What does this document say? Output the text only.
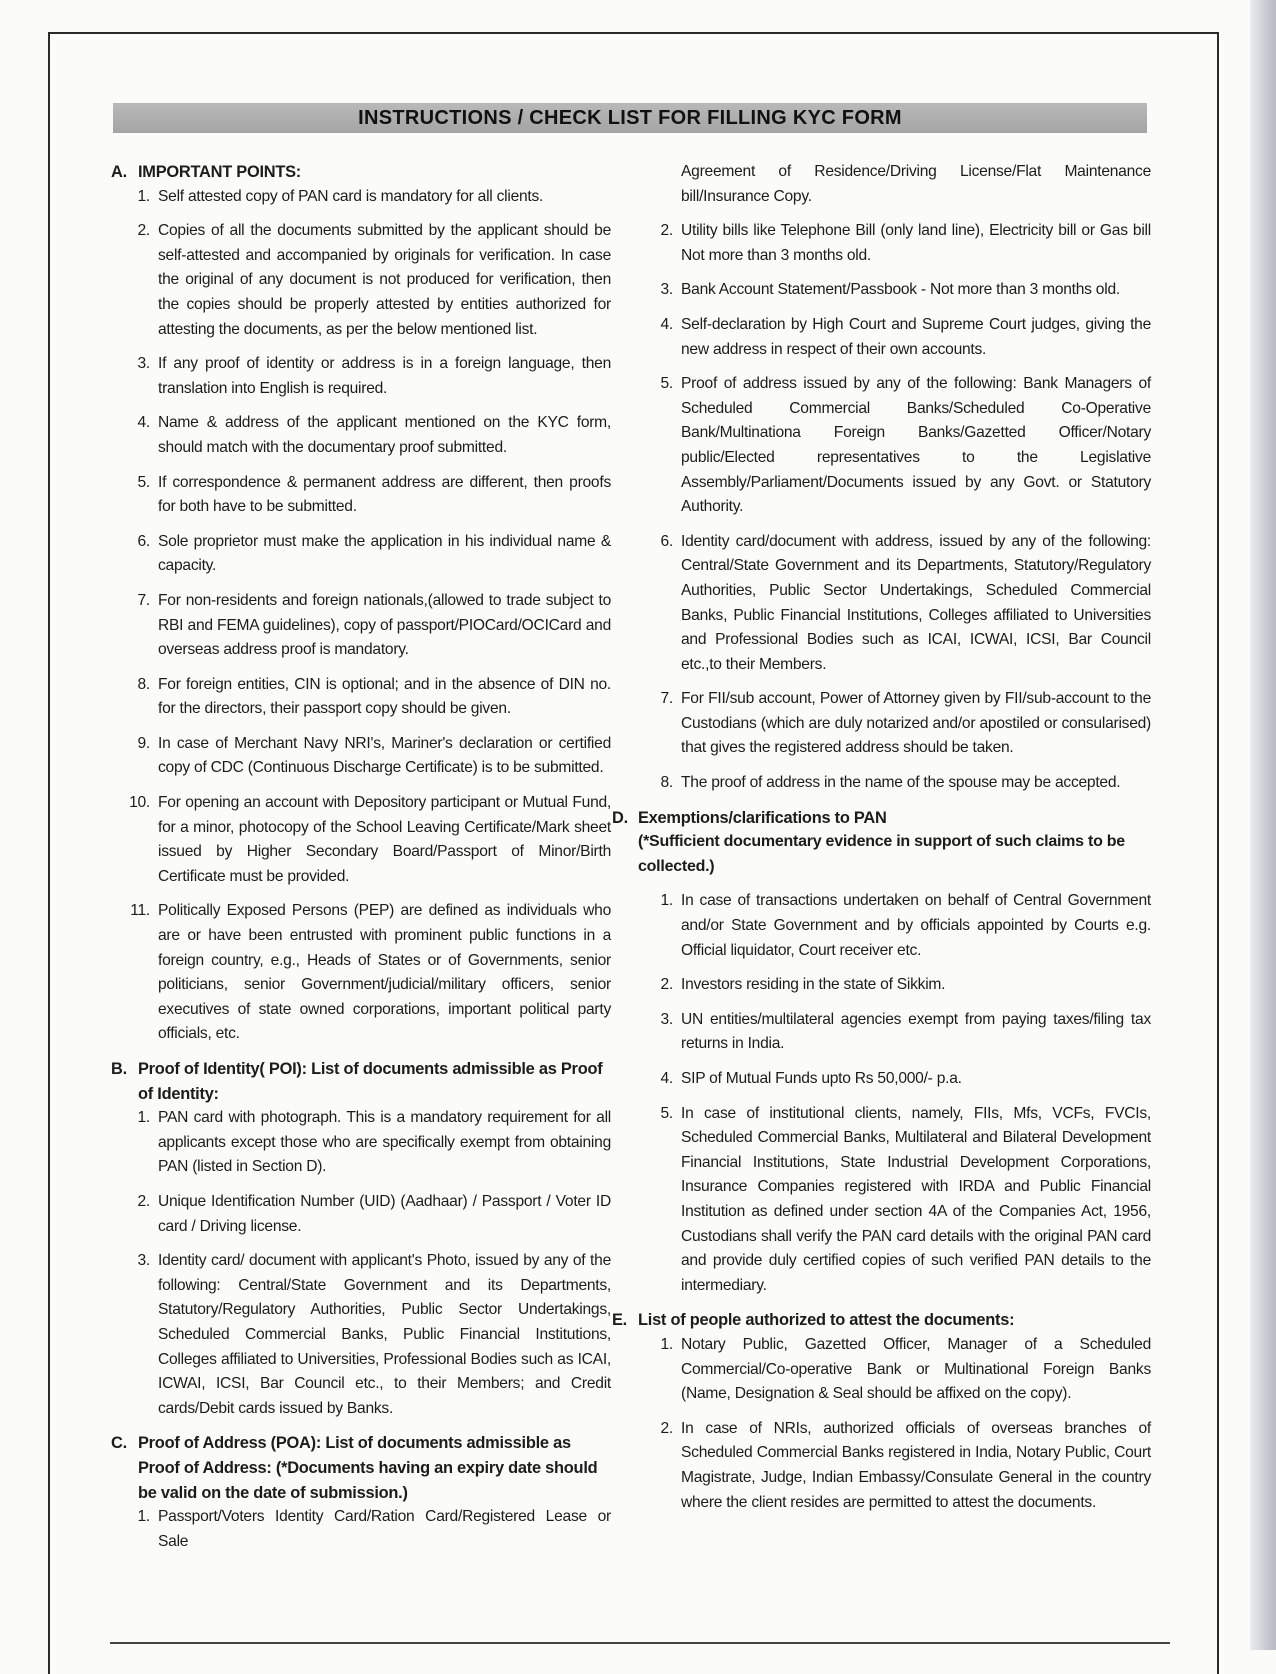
INSTRUCTIONS / CHECK LIST FOR FILLING KYC FORM
A. IMPORTANT POINTS:
1. Self attested copy of PAN card is mandatory for all clients.
2. Copies of all the documents submitted by the applicant should be self-attested and accompanied by originals for verification. In case the original of any document is not produced for verification, then the copies should be properly attested by entities authorized for attesting the documents, as per the below mentioned list.
3. If any proof of identity or address is in a foreign language, then translation into English is required.
4. Name & address of the applicant mentioned on the KYC form, should match with the documentary proof submitted.
5. If correspondence & permanent address are different, then proofs for both have to be submitted.
6. Sole proprietor must make the application in his individual name & capacity.
7. For non-residents and foreign nationals,(allowed to trade subject to RBI and FEMA guidelines), copy of passport/PIOCard/OCICard and overseas address proof is mandatory.
8. For foreign entities, CIN is optional; and in the absence of DIN no. for the directors, their passport copy should be given.
9. In case of Merchant Navy NRI's, Mariner's declaration or certified copy of CDC (Continuous Discharge Certificate) is to be submitted.
10. For opening an account with Depository participant or Mutual Fund, for a minor, photocopy of the School Leaving Certificate/Mark sheet issued by Higher Secondary Board/Passport of Minor/Birth Certificate must be provided.
11. Politically Exposed Persons (PEP) are defined as individuals who are or have been entrusted with prominent public functions in a foreign country, e.g., Heads of States or of Governments, senior politicians, senior Government/judicial/military officers, senior executives of state owned corporations, important political party officials, etc.
B. Proof of Identity( POI): List of documents admissible as Proof of Identity:
1. PAN card with photograph. This is a mandatory requirement for all applicants except those who are specifically exempt from obtaining PAN (listed in Section D).
2. Unique Identification Number (UID) (Aadhaar) / Passport / Voter ID card / Driving license.
3. Identity card/ document with applicant's Photo, issued by any of the following: Central/State Government and its Departments, Statutory/Regulatory Authorities, Public Sector Undertakings, Scheduled Commercial Banks, Public Financial Institutions, Colleges affiliated to Universities, Professional Bodies such as ICAI, ICWAI, ICSI, Bar Council etc., to their Members; and Credit cards/Debit cards issued by Banks.
C. Proof of Address (POA): List of documents admissible as Proof of Address: (*Documents having an expiry date should be valid on the date of submission.)
1. Passport/Voters Identity Card/Ration Card/Registered Lease or Sale
Agreement of Residence/Driving License/Flat Maintenance bill/Insurance Copy.
2. Utility bills like Telephone Bill (only land line), Electricity bill or Gas bill Not more than 3 months old.
3. Bank Account Statement/Passbook - Not more than 3 months old.
4. Self-declaration by High Court and Supreme Court judges, giving the new address in respect of their own accounts.
5. Proof of address issued by any of the following: Bank Managers of Scheduled Commercial Banks/Scheduled Co-Operative Bank/Multinationa Foreign Banks/Gazetted Officer/Notary public/Elected representatives to the Legislative Assembly/Parliament/Documents issued by any Govt. or Statutory Authority.
6. Identity card/document with address, issued by any of the following: Central/State Government and its Departments, Statutory/Regulatory Authorities, Public Sector Undertakings, Scheduled Commercial Banks, Public Financial Institutions, Colleges affiliated to Universities and Professional Bodies such as ICAI, ICWAI, ICSI, Bar Council etc.,to their Members.
7. For FII/sub account, Power of Attorney given by FII/sub-account to the Custodians (which are duly notarized and/or apostiled or consularised) that gives the registered address should be taken.
8. The proof of address in the name of the spouse may be accepted.
D. Exemptions/clarifications to PAN
(*Sufficient documentary evidence in support of such claims to be collected.)
1. In case of transactions undertaken on behalf of Central Government and/or State Government and by officials appointed by Courts e.g. Official liquidator, Court receiver etc.
2. Investors residing in the state of Sikkim.
3. UN entities/multilateral agencies exempt from paying taxes/filing tax returns in India.
4. SIP of Mutual Funds upto Rs 50,000/- p.a.
5. In case of institutional clients, namely, FIIs, Mfs, VCFs, FVCIs, Scheduled Commercial Banks, Multilateral and Bilateral Development Financial Institutions, State Industrial Development Corporations, Insurance Companies registered with IRDA and Public Financial Institution as defined under section 4A of the Companies Act, 1956, Custodians shall verify the PAN card details with the original PAN card and provide duly certified copies of such verified PAN details to the intermediary.
E. List of people authorized to attest the documents:
1. Notary Public, Gazetted Officer, Manager of a Scheduled Commercial/Co-operative Bank or Multinational Foreign Banks (Name, Designation & Seal should be affixed on the copy).
2. In case of NRIs, authorized officials of overseas branches of Scheduled Commercial Banks registered in India, Notary Public, Court Magistrate, Judge, Indian Embassy/Consulate General in the country where the client resides are permitted to attest the documents.
